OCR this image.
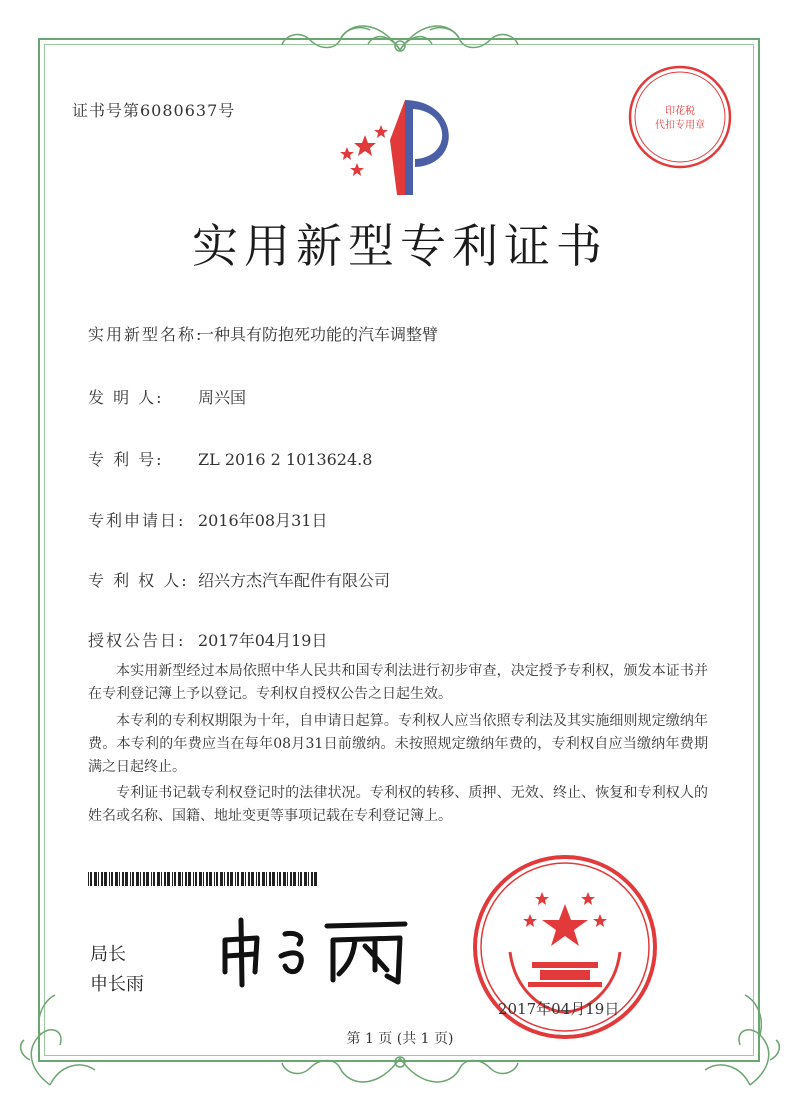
证书号第6080637号	印花税
代扣专用章
实用新型专利证书
实用新型名称:一种具有防抱死功能的汽车调整臂
发 明 人: 周兴国
专 利 号: ZL 2016 2 1013624.8
专利申请日: 2016年08月31日
专 利 权 人: 绍兴方杰汽车配件有限公司
授权公告日: 2017年04月19日
本实用新型经过本局依照中华人民共和国专利法进行初步审查，决定授予专利权，颁发本证书并在专利登记簿上予以登记。专利权自授权公告之日起生效。
本专利的专利权期限为十年，自申请日起算。专利权人应当依照专利法及其实施细则规定缴纳年费。本专利的年费应当在每年08月31日前缴纳。未按照规定缴纳年费的，专利权自应当缴纳年费期满之日起终止。
专利证书记载专利权登记时的法律状况。专利权的转移、质押、无效、终止、恢复和专利权人的姓名或名称、国籍、地址变更等事项记载在专利登记簿上。
局长
申长雨
2017年04月19日
第 1 页 (共 1 页)
